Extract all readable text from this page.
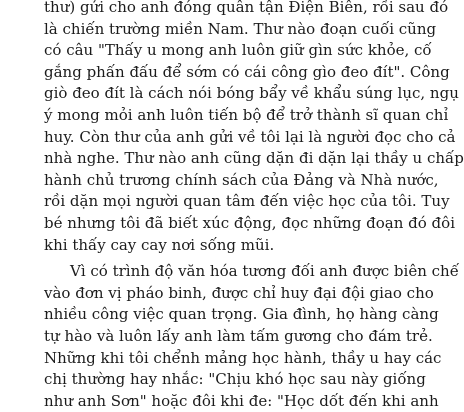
thư) gửi cho anh đóng quân tận Điện Biên, rồi sau đó
là chiến trường miền Nam. Thư nào đoạn cuối cũng
có câu "Thấy u mong anh luôn giữ gìn sức khỏe, cố
gắng phấn đấu để sớm có cái công gìo đeo đít". Công
giò đeo đít là cách nói bóng bẩy về khẩu súng lục, ngụ
ý mong mỏi anh luôn tiến bộ để trở thành sĩ quan chỉ
huy. Còn thư của anh gửi về tôi lại là người đọc cho cả
nhà nghe. Thư nào anh cũng dặn đi dặn lại thầy u chấp
hành chủ trương chính sách của Đảng và Nhà nước,
rồi dặn mọi người quan tâm đến việc học của tôi. Tuy
bé nhưng tôi đã biết xúc động, đọc những đoạn đó đôi
khi thấy cay cay nơi sống mũi.
Vì có trình độ văn hóa tương đối anh được biên chế
vào đơn vị pháo binh, được chỉ huy đại đội giao cho
nhiều công việc quan trọng. Gia đình, họ hàng càng
tự hào và luôn lấy anh làm tấm gương cho đám trẻ.
Những khi tôi chểnh mảng học hành, thầy u hay các
chị thường hay nhắc: "Chịu khó học sau này giống
như anh Sơn" hoặc đôi khi đe: "Học dốt đến khi anh
